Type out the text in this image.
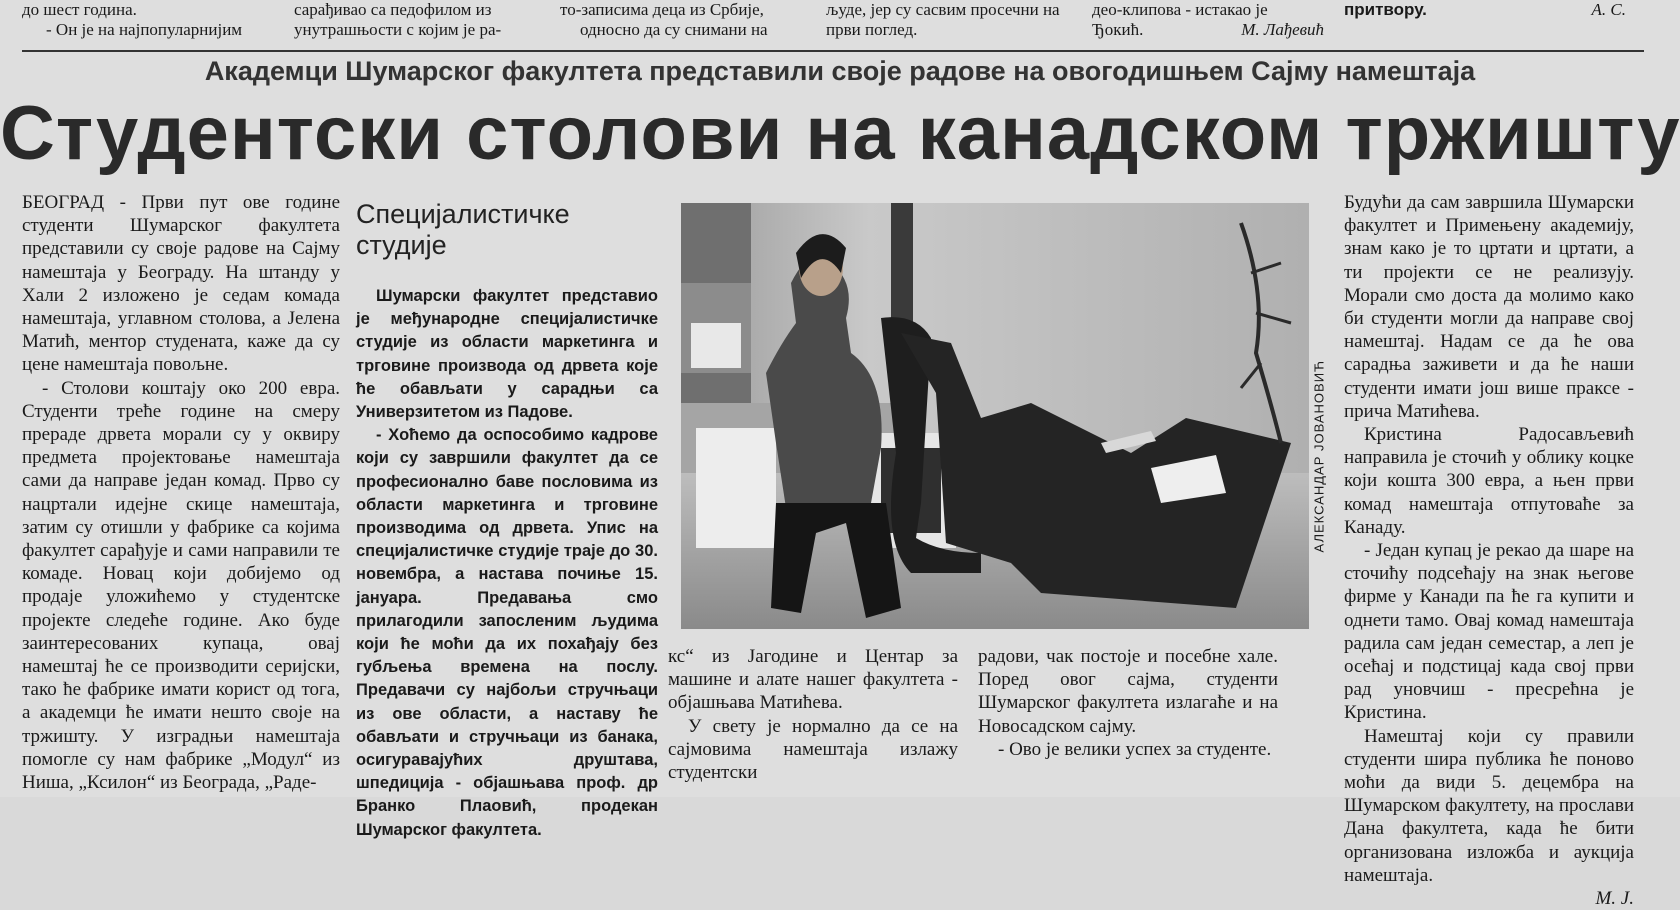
до шест година.

- Он је на најпопуларнијим

сарађивао са педофилом из

унутрашњости с којим је ра-

то-записима деца из Србије,

односно да су снимани на

људе, јер су сасвим просечни на

први поглед.

део-клипова - истакао је

Ђокић.	М. Лађевић

притвору.	А. С.

Академци Шумарског факултета представили своје радове на овогодишњем Сајму намештаја
Студентски столови на канадском тржишту

БЕОГРАД - Први пут ове године студенти Шумарског факултета представили су своје радове на Сајму намештаја у Београду. На штанду у Хали 2 изложено је седам комада намештаја, углавном столова, а Јелена Матић, ментор студената, каже да су цене намештаја повољне.

- Столови коштају око 200 евра. Студенти треће године на смеру прераде дрвета морали су у оквиру предмета пројектовање намештаја сами да направе један комад. Прво су нацртали идејне скице намештаја, затим су отишли у фабрике са којима факултет сарађује и сами направили те комаде. Новац који добијемо од продаје уложићемо у студентске пројекте следеће године. Ако буде заинтересованих купаца, овај намештај ће се производити серијски, тако ће фабрике имати корист од тога, а академци ће имати нешто своје на тржишту. У изградњи намештаја помогле су нам фабрике „Модул“ из Ниша, „Ксилон“ из Београда, „Раде-

Специјалистичке студије

Шумарски факултет представио је међународне специјалистичке студије из области маркетинга и трговине производа од дрвета које ће обављати у сарадњи са Универзитетом из Падове.

- Хоћемо да оспособимо кадрове који су завршили факултет да се професионално баве пословима из области маркетинга и трговине производима од дрвета. Упис на специјалистичке студије траје до 30. новембра, а настава почиње 15. јануара. Предавања смо прилагодили запосленим људима који ће моћи да их похађају без губљења времена на послу. Предавачи су најбољи стручњаци из ове области, а наставу ће обављати и стручњаци из банака, осигуравајућих друштава, шпедиција - објашњава проф. др Бранко Плаовић, продекан Шумарског факултета.

АЛЕКСАНДАР ЈОВАНОВИЋ

кс“ из Јагодине и Центар за машине и алате нашег факултета - објашњава Матићева.

У свету је нормално да се на сајмовима намештаја излажу студентски

радови, чак постоје и посебне хале. Поред овог сајма, студенти Шумарског факултета излагаће и на Новосадском сајму.

- Ово је велики успех за студенте.

Будући да сам завршила Шумарски факултет и Примењену академију, знам како је то цртати и цртати, а ти пројекти се не реализују. Морали смо доста да молимо како би студенти могли да направе свој намештај. Надам се да ће ова сарадња заживети и да ће наши студенти имати још више праксе - прича Матићева.

Кристина Радосављевић направила је сточић у облику коцке који кошта 300 евра, а њен први комад намештаја отпутоваће за Канаду.

- Један купац је рекао да шаре на сточићу подсећају на знак његове фирме у Канади па ће га купити и однети тамо. Овај комад намештаја радила сам један семестар, а леп је осећај и подстицај када свој први рад уновчиш - пресрећна је Кристина.

Намештај који су правили студенти шира публика ће поново моћи да види 5. децембра на Шумарском факултету, на прослави Дана факултета, када ће бити организована изложба и аукција намештаја.

М. Ј.
